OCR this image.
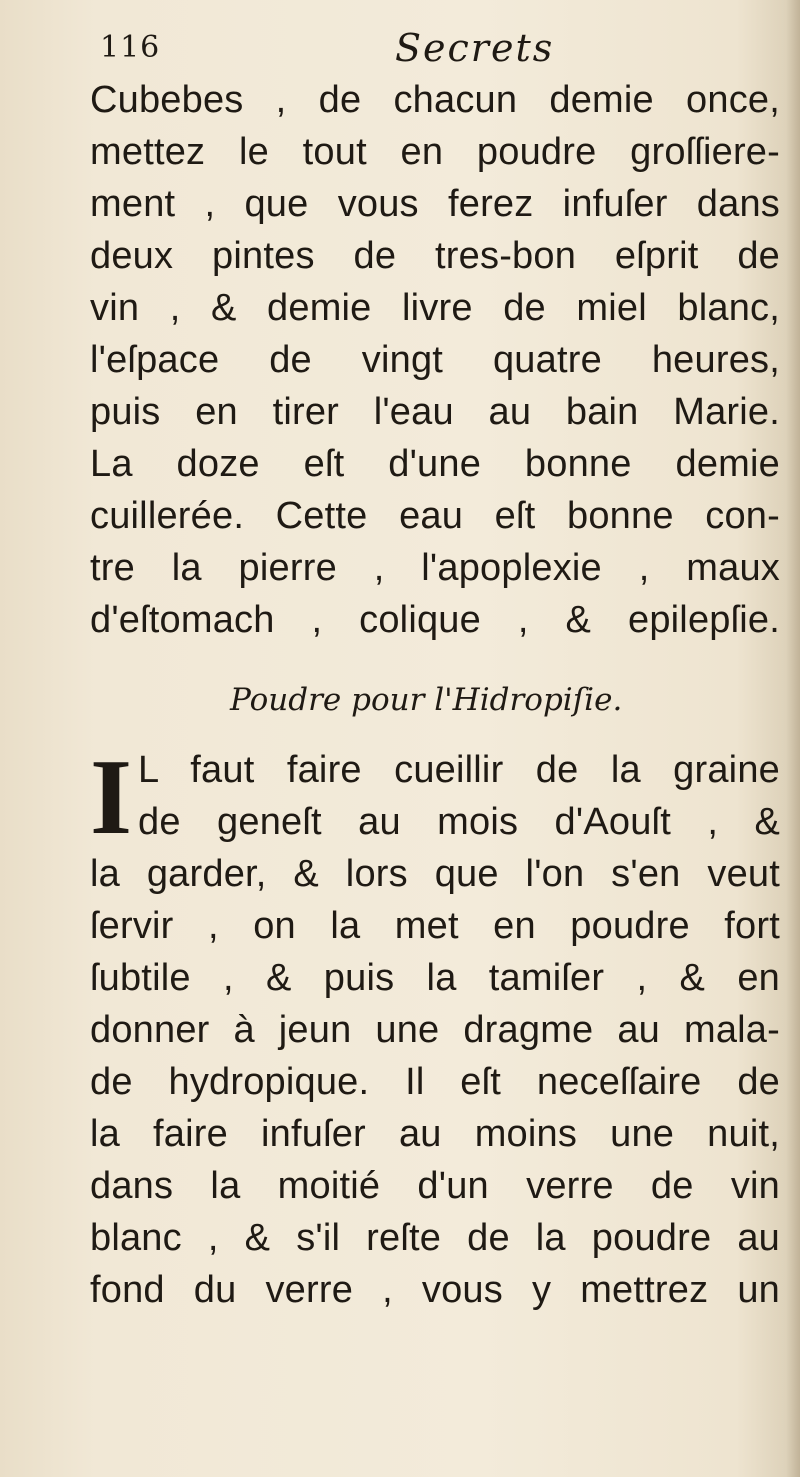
116	Secrets
Cubebes , de chacun demie once,
mettez le tout en poudre groſſiere-
ment , que vous ferez infuſer dans
deux pintes de tres-bon eſprit de
vin , & demie livre de miel blanc,
l'eſpace de vingt quatre heures,
puis en tirer l'eau au bain Marie.
La doze eſt d'une bonne demie
cuillerée. Cette eau eſt bonne con-
tre la pierre , l'apoplexie , maux
d'eſtomach , colique , & epilepſie.
Poudre pour l'Hidropiſie.
I L faut faire cueillir de la graine
de geneſt au mois d'Aouſt , &
la garder, & lors que l'on s'en veut
ſervir , on la met en poudre fort
ſubtile , & puis la tamiſer , & en
donner à jeun une dragme au mala-
de hydropique. Il eſt neceſſaire de
la faire infuſer au moins une nuit,
dans la moitié d'un verre de vin
blanc , & s'il reſte de la poudre au
fond du verre , vous y mettrez un
